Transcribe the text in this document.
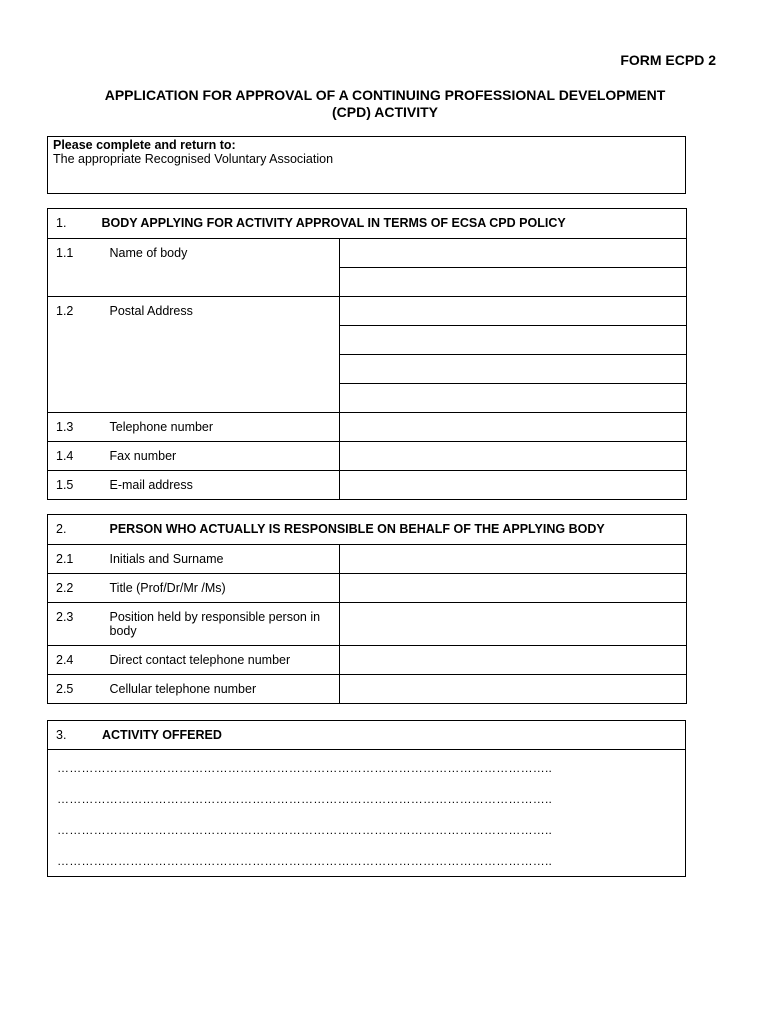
FORM ECPD 2
APPLICATION FOR APPROVAL OF A CONTINUING PROFESSIONAL DEVELOPMENT
(CPD) ACTIVITY
Please complete and return to:
The appropriate Recognised Voluntary Association
1.	BODY APPLYING FOR ACTIVITY APPROVAL IN TERMS OF ECSA CPD POLICY	

1.1	Name of body	

1.2	Postal Address	

1.3	Telephone number	

1.4	Fax number	

1.5	E-mail address	

2.	PERSON WHO ACTUALLY IS RESPONSIBLE ON BEHALF OF THE APPLYING BODY	

2.1	Initials and Surname	

2.2	Title (Prof/Dr/Mr /Ms)	

2.3	Position held by responsible person in body	

2.4	Direct contact telephone number	

2.5	Cellular telephone number	

3.	ACTIVITY OFFERED
…………………………………………………………………………………………………………..
…………………………………………………………………………………………………………..
…………………………………………………………………………………………………………..
…………………………………………………………………………………………………………..
